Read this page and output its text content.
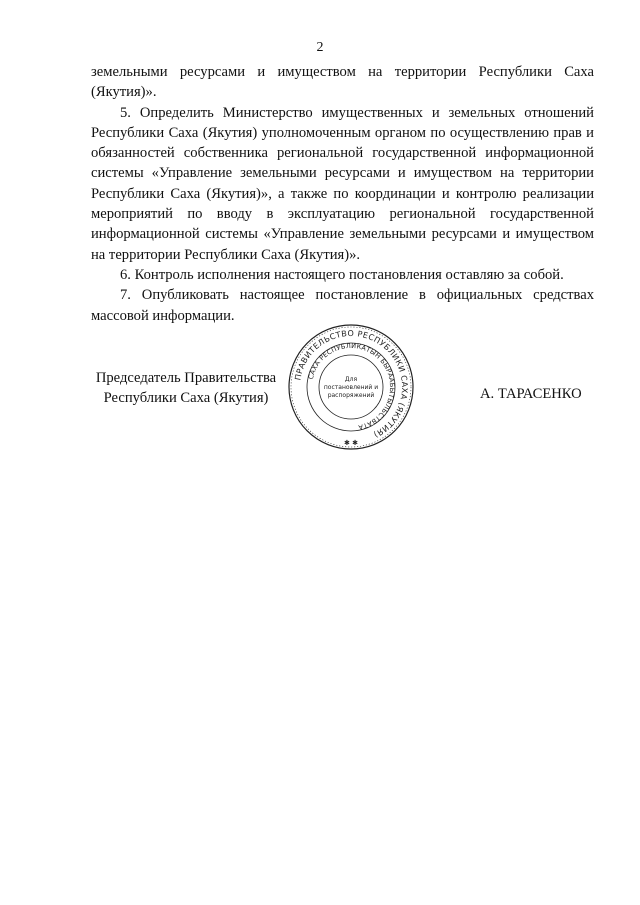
2

земельными ресурсами и имуществом на территории Республики Саха (Якутия)».

5. Определить Министерство имущественных и земельных отношений Республики Саха (Якутия) уполномоченным органом по осуществлению прав и обязанностей собственника региональной государственной информационной системы «Управление земельными ресурсами и имуществом на территории Республики Саха (Якутия)», а также по координации и контролю реализации мероприятий по вводу в эксплуатацию региональной государственной информационной системы «Управление земельными ресурсами и имуществом на территории Республики Саха (Якутия)».

6. Контроль исполнения настоящего постановления оставляю за собой.

7. Опубликовать настоящее постановление в официальных средствах массовой информации.

Председатель Правительства
Республики Саха (Якутия)
ПРАВИТЕЛЬСТВО РЕСПУБЛИКИ САХА (ЯКУТИЯ)
САХА РЕСПУБЛИКАТЫН БЫРААБЫТЫЛЬСТВАТА
Для
постановлений и
распоряжений
✱ ✱
А. ТАРАСЕНКО
